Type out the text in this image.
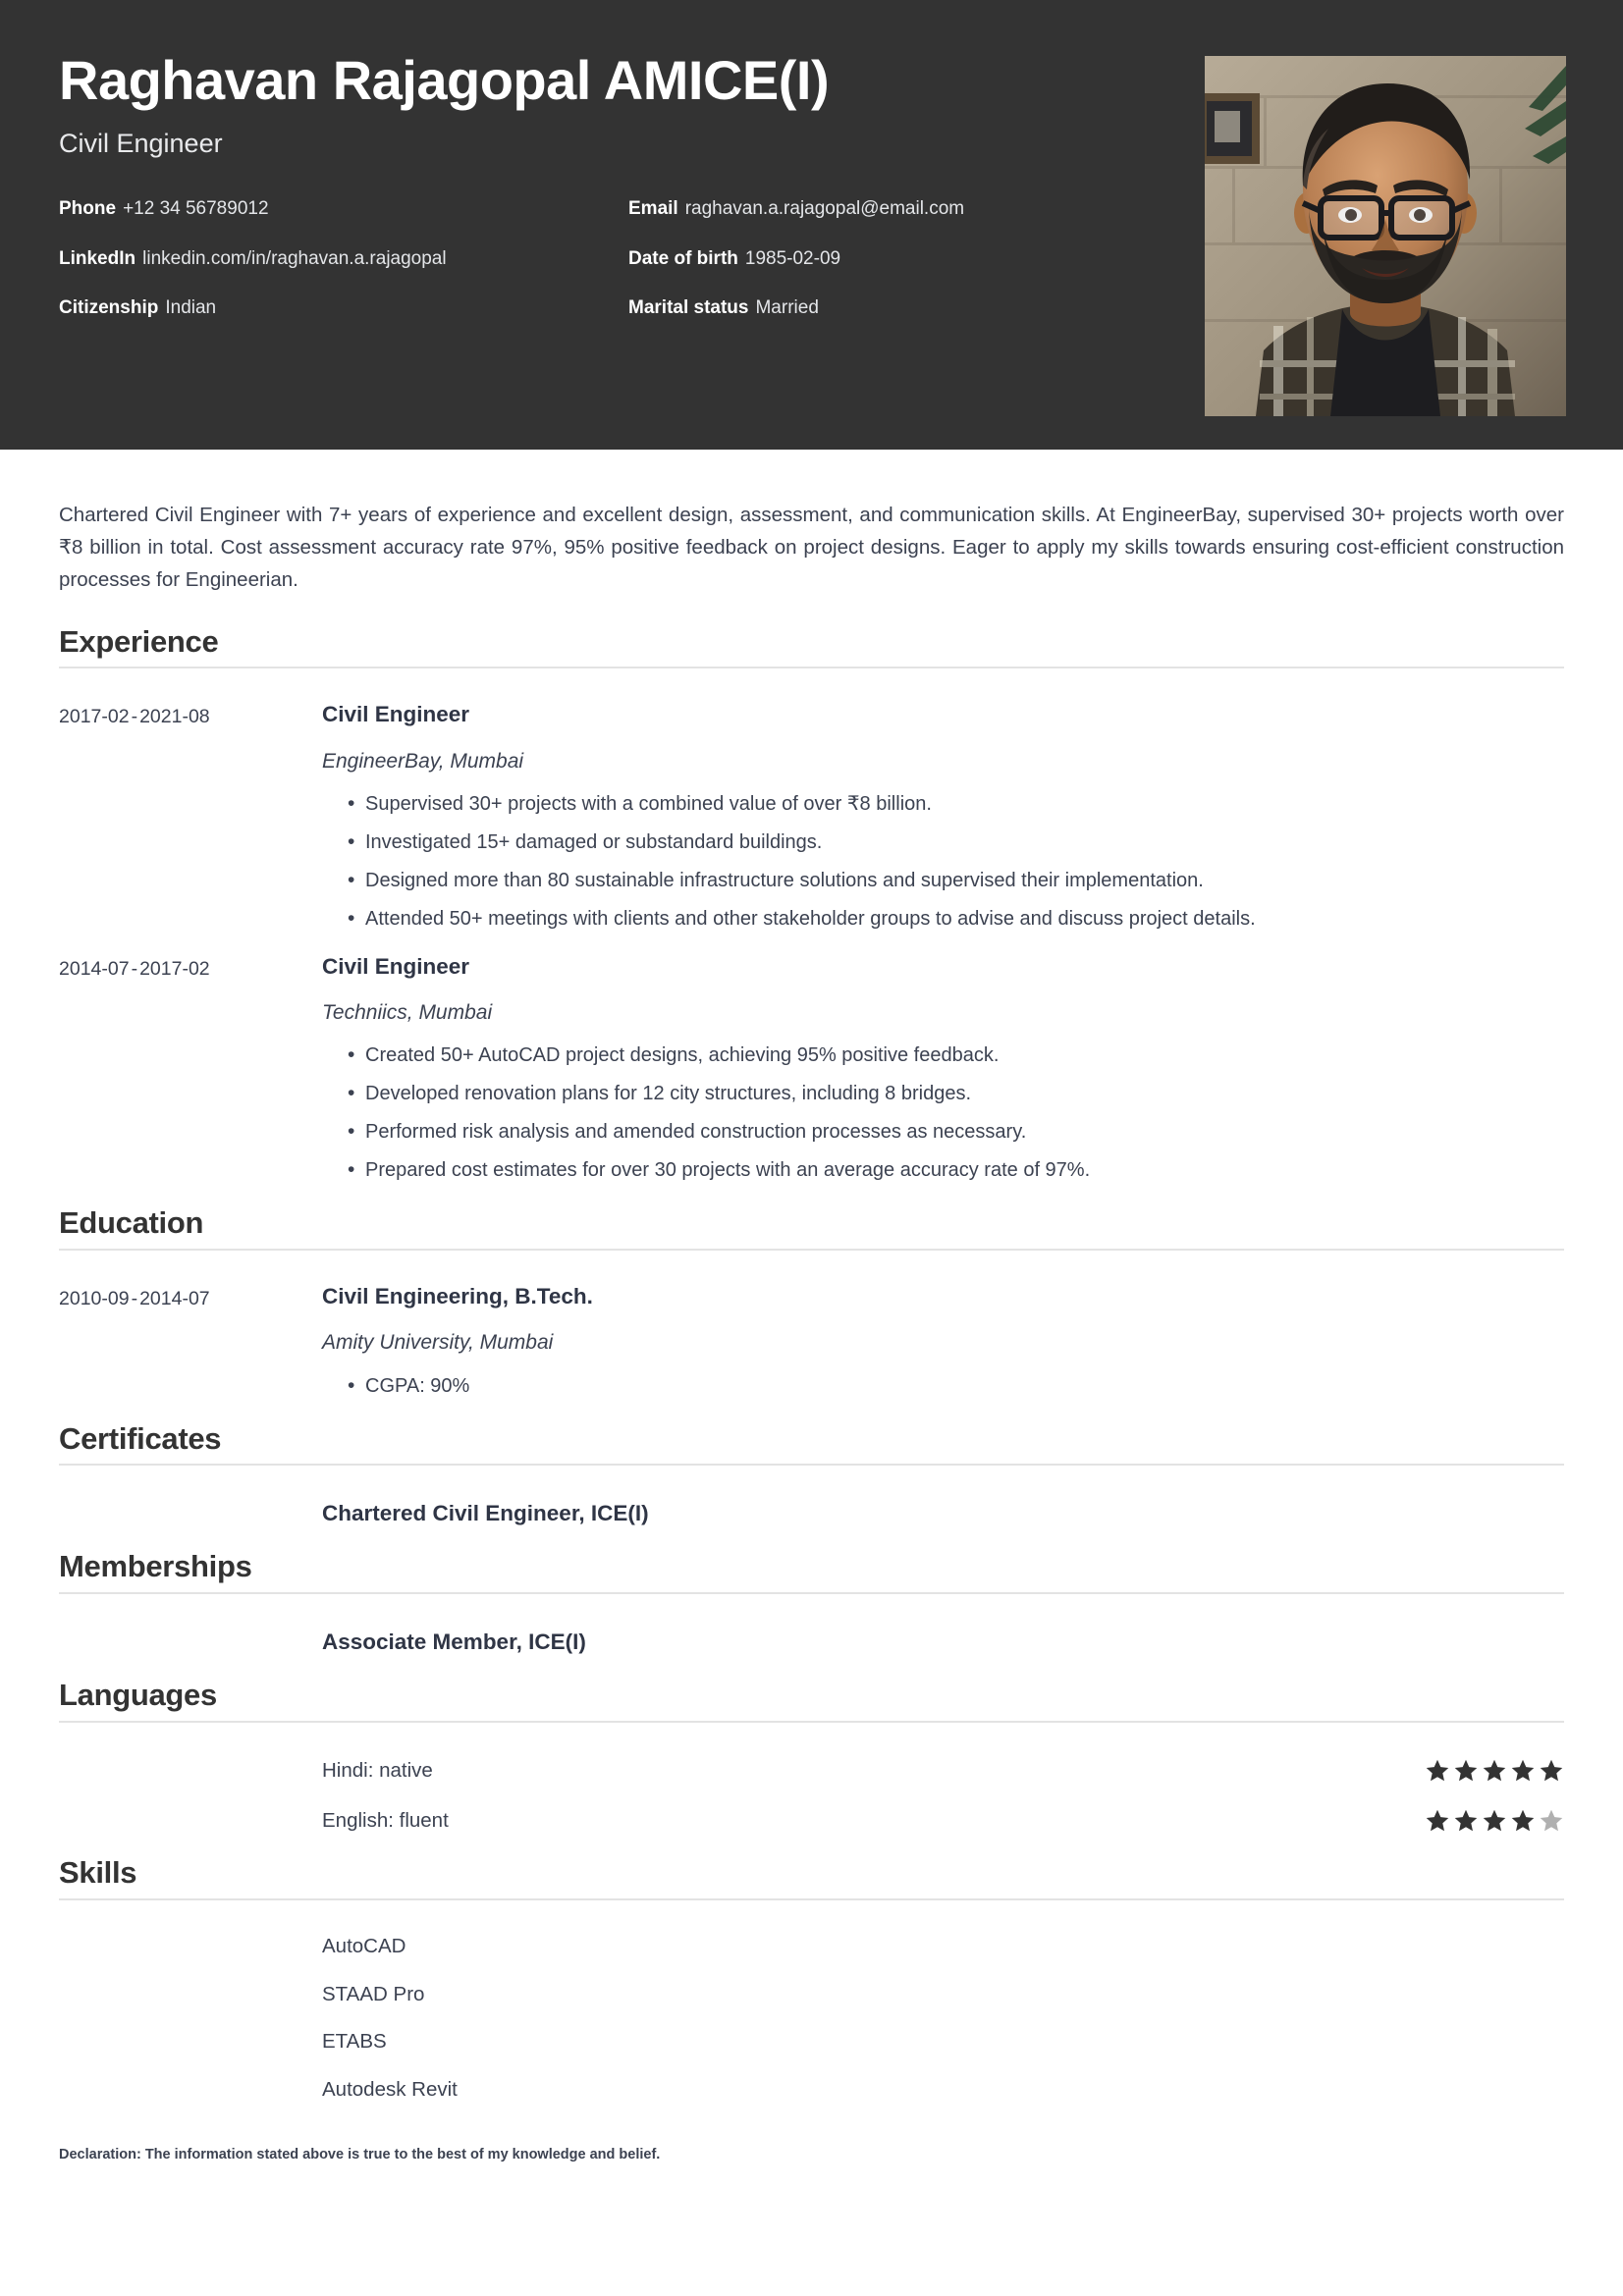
Raghavan Rajagopal AMICE(I)
Civil Engineer
Phone +12 34 56789012	Email raghavan.a.rajagopal@email.com
LinkedIn linkedin.com/in/raghavan.a.rajagopal	Date of birth 1985-02-09
Citizenship Indian	Marital status Married

Chartered Civil Engineer with 7+ years of experience and excellent design, assessment, and communication skills. At EngineerBay, supervised 30+ projects worth over ₹8 billion in total. Cost assessment accuracy rate 97%, 95% positive feedback on project designs. Eager to apply my skills towards ensuring cost-efficient construction processes for Engineerian.

Experience
2017-02 - 2021-08	Civil Engineer
EngineerBay, Mumbai
• Supervised 30+ projects with a combined value of over ₹8 billion.
• Investigated 15+ damaged or substandard buildings.
• Designed more than 80 sustainable infrastructure solutions and supervised their implementation.
• Attended 50+ meetings with clients and other stakeholder groups to advise and discuss project details.
2014-07 - 2017-02	Civil Engineer
Techniics, Mumbai
• Created 50+ AutoCAD project designs, achieving 95% positive feedback.
• Developed renovation plans for 12 city structures, including 8 bridges.
• Performed risk analysis and amended construction processes as necessary.
• Prepared cost estimates for over 30 projects with an average accuracy rate of 97%.
Education
2010-09 - 2014-07	Civil Engineering, B.Tech.
Amity University, Mumbai
• CGPA: 90%
Certificates
Chartered Civil Engineer, ICE(I)
Memberships
Associate Member, ICE(I)
Languages
Hindi: native
English: fluent
Skills
AutoCAD
STAAD Pro
ETABS
Autodesk Revit
Declaration: The information stated above is true to the best of my knowledge and belief.
